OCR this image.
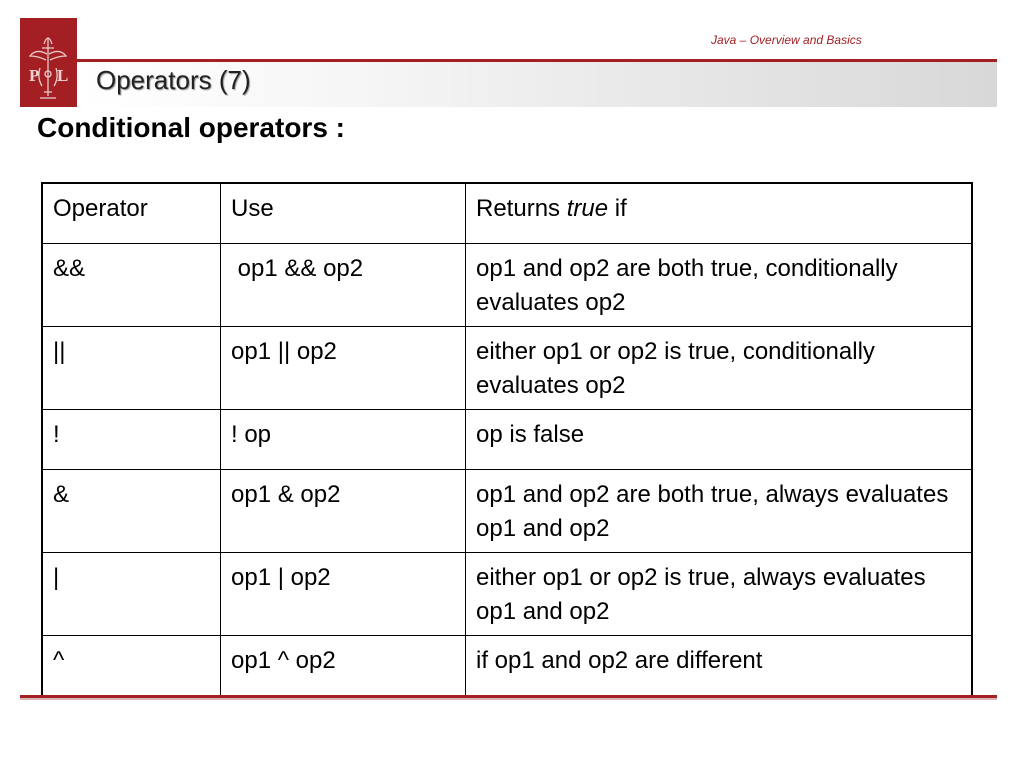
P L
Java – Overview and Basics
Operators (7)
Conditional operators :
Operator	Use	Returns true if
&&	op1 && op2	op1 and op2 are both true, conditionally evaluates op2
||	op1 || op2	either op1 or op2 is true, conditionally evaluates op2
!	! op	op is false
&	op1 & op2	op1 and op2 are both true, always evaluates op1 and op2
|	op1 | op2	either op1 or op2 is true, always evaluates op1 and op2
^	op1 ^ op2	if op1 and op2 are different
